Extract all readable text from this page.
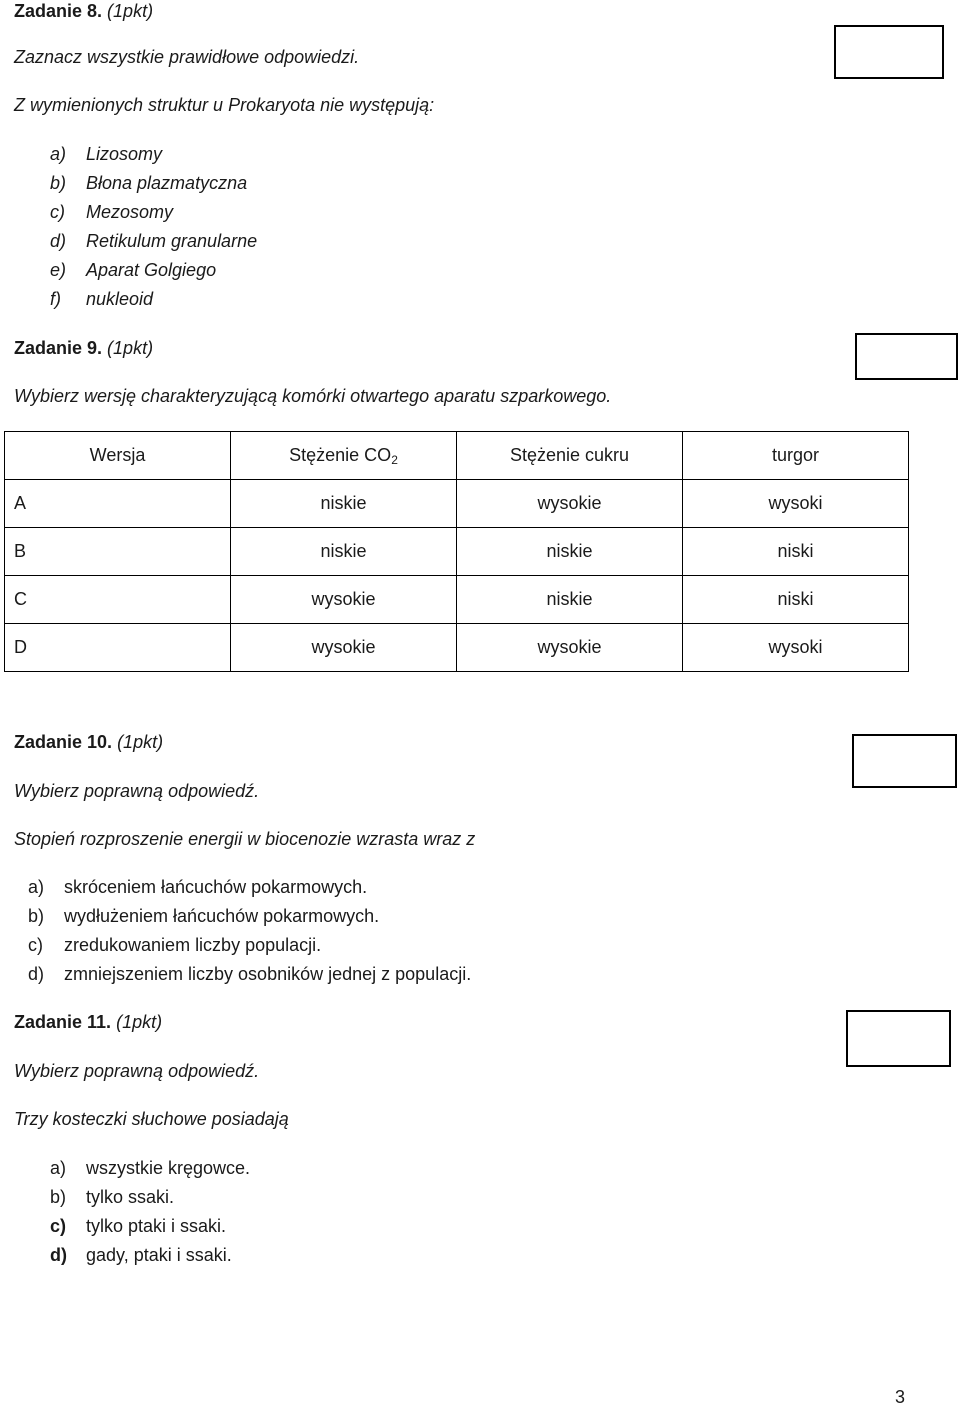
Zadanie 8. (1pkt)
Zaznacz wszystkie prawidłowe odpowiedzi.
Z wymienionych struktur u Prokaryota nie występują:
a) Lizosomy
b) Błona plazmatyczna
c) Mezosomy
d) Retikulum granularne
e) Aparat Golgiego
f) nukleoid
Zadanie 9. (1pkt)
Wybierz wersję charakteryzującą komórki otwartego aparatu szparkowego.
Wersja	Stężenie $CO_2$	Stężenie cukru	turgor
A	niskie	wysokie	wysoki
B	niskie	niskie	niski
C	wysokie	niskie	niski
D	wysokie	wysokie	wysoki
Zadanie 10. (1pkt)
Wybierz poprawną odpowiedź.
Stopień rozproszenie energii w biocenozie wzrasta wraz z
a) skróceniem łańcuchów pokarmowych.
b) wydłużeniem łańcuchów pokarmowych.
c) zredukowaniem liczby populacji.
d) zmniejszeniem liczby osobników jednej z populacji.
Zadanie 11. (1pkt)
Wybierz poprawną odpowiedź.
Trzy kosteczki słuchowe posiadają
a) wszystkie kręgowce.
b) tylko ssaki.
c) tylko ptaki i ssaki.
d) gady, ptaki i ssaki.
3
